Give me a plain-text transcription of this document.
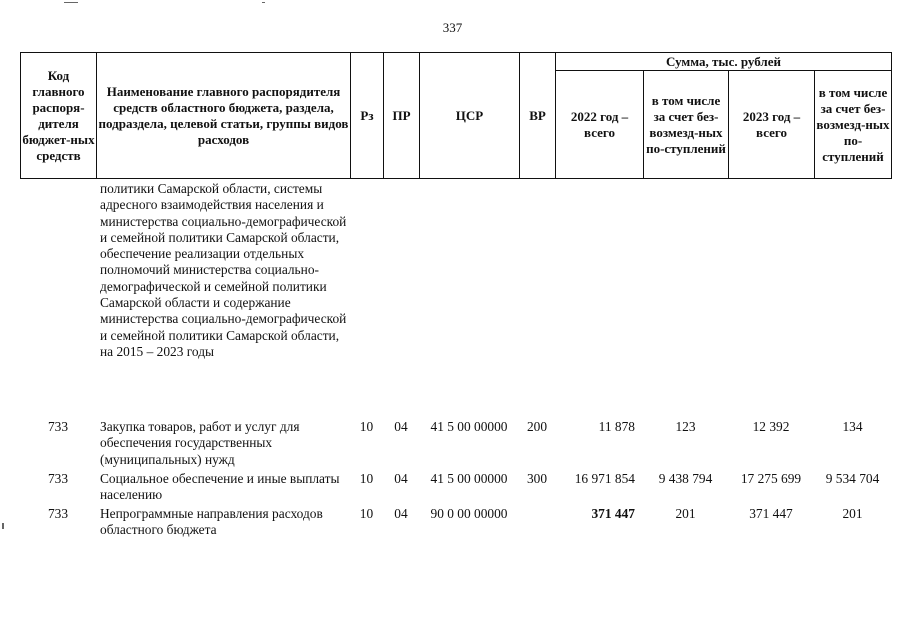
337
Код главного распоря-дителя бюджет-ных средств	Наименование главного распорядителя средств областного бюджета, раздела, подраздела, целевой статьи, группы видов расходов	Рз	ПР	ЦСР	ВР	Сумма, тыс. рублей			
						2022 год – всего	в том числе за счет без-возмезд-ных по-ступлений	2023 год – всего	в том числе за счет без-возмезд-ных по-ступлений
	политики Самарской области, системы адресного взаимодействия населения и министерства социально-демографической и семейной политики Самарской области, обеспечение реализации отдельных полномочий министерства социально-демографической и семейной политики Самарской области и содержание министерства социально-демографической и семейной политики Самарской области, на 2015 – 2023 годы								
733	Закупка товаров, работ и услуг для обеспечения государственных (муниципальных) нужд	10	04	41 5 00 00000	200	11 878	123	12 392	134
733	Социальное обеспечение и иные выплаты населению	10	04	41 5 00 00000	300	16 971 854	9 438 794	17 275 699	9 534 704
733	Непрограммные направления расходов областного бюджета	10	04	90 0 00 00000		371 447	201	371 447	201
